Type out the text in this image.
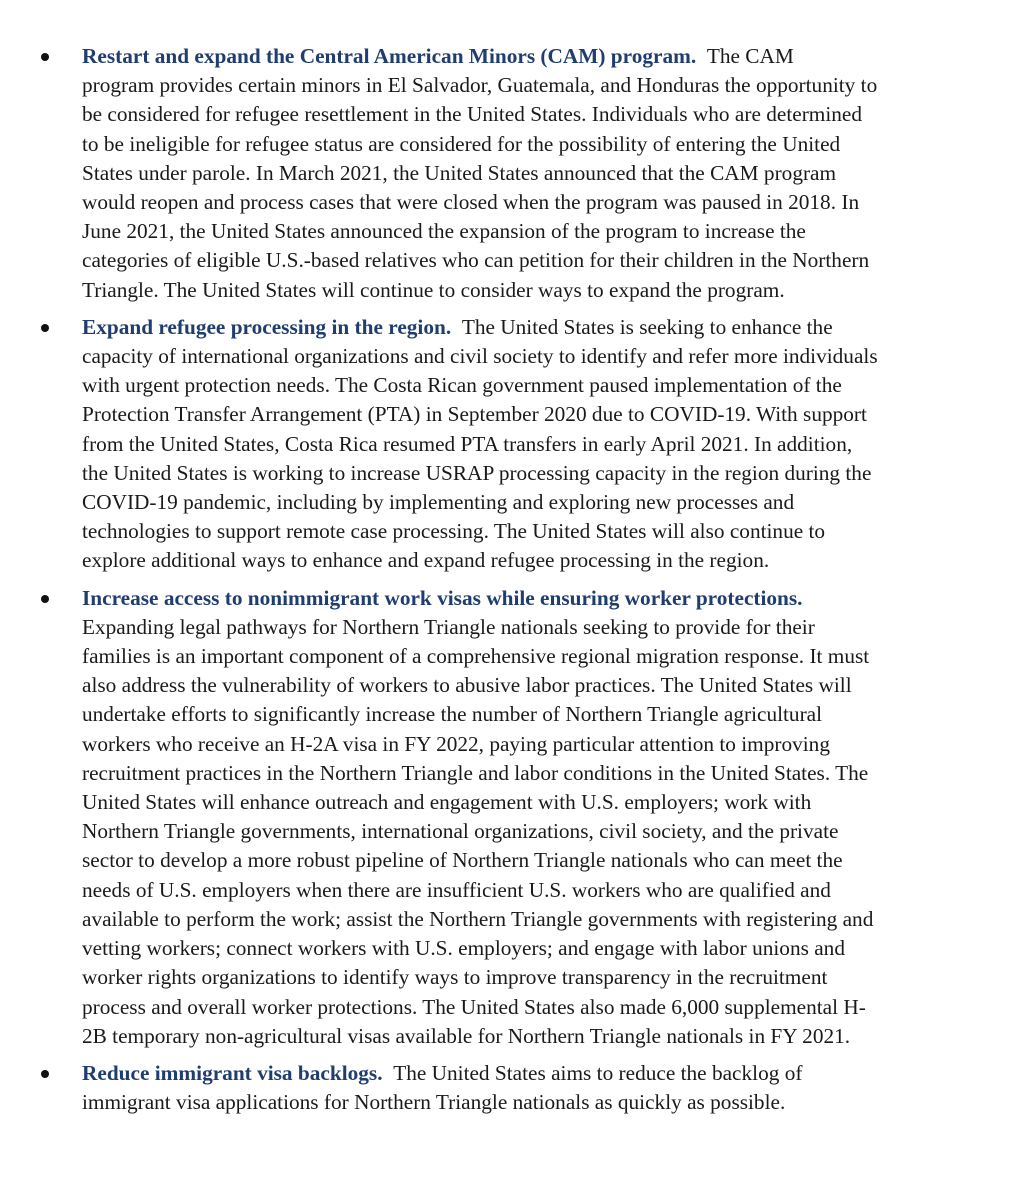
Restart and expand the Central American Minors (CAM) program. The CAM
program provides certain minors in El Salvador, Guatemala, and Honduras the opportunity to
be considered for refugee resettlement in the United States. Individuals who are determined
to be ineligible for refugee status are considered for the possibility of entering the United
States under parole. In March 2021, the United States announced that the CAM program
would reopen and process cases that were closed when the program was paused in 2018. In
June 2021, the United States announced the expansion of the program to increase the
categories of eligible U.S.-based relatives who can petition for their children in the Northern
Triangle. The United States will continue to consider ways to expand the program.
Expand refugee processing in the region. The United States is seeking to enhance the
capacity of international organizations and civil society to identify and refer more individuals
with urgent protection needs. The Costa Rican government paused implementation of the
Protection Transfer Arrangement (PTA) in September 2020 due to COVID-19. With support
from the United States, Costa Rica resumed PTA transfers in early April 2021. In addition,
the United States is working to increase USRAP processing capacity in the region during the
COVID-19 pandemic, including by implementing and exploring new processes and
technologies to support remote case processing. The United States will also continue to
explore additional ways to enhance and expand refugee processing in the region.
Increase access to nonimmigrant work visas while ensuring worker protections.
Expanding legal pathways for Northern Triangle nationals seeking to provide for their
families is an important component of a comprehensive regional migration response. It must
also address the vulnerability of workers to abusive labor practices. The United States will
undertake efforts to significantly increase the number of Northern Triangle agricultural
workers who receive an H-2A visa in FY 2022, paying particular attention to improving
recruitment practices in the Northern Triangle and labor conditions in the United States. The
United States will enhance outreach and engagement with U.S. employers; work with
Northern Triangle governments, international organizations, civil society, and the private
sector to develop a more robust pipeline of Northern Triangle nationals who can meet the
needs of U.S. employers when there are insufficient U.S. workers who are qualified and
available to perform the work; assist the Northern Triangle governments with registering and
vetting workers; connect workers with U.S. employers; and engage with labor unions and
worker rights organizations to identify ways to improve transparency in the recruitment
process and overall worker protections. The United States also made 6,000 supplemental H-
2B temporary non-agricultural visas available for Northern Triangle nationals in FY 2021.
Reduce immigrant visa backlogs. The United States aims to reduce the backlog of
immigrant visa applications for Northern Triangle nationals as quickly as possible.
